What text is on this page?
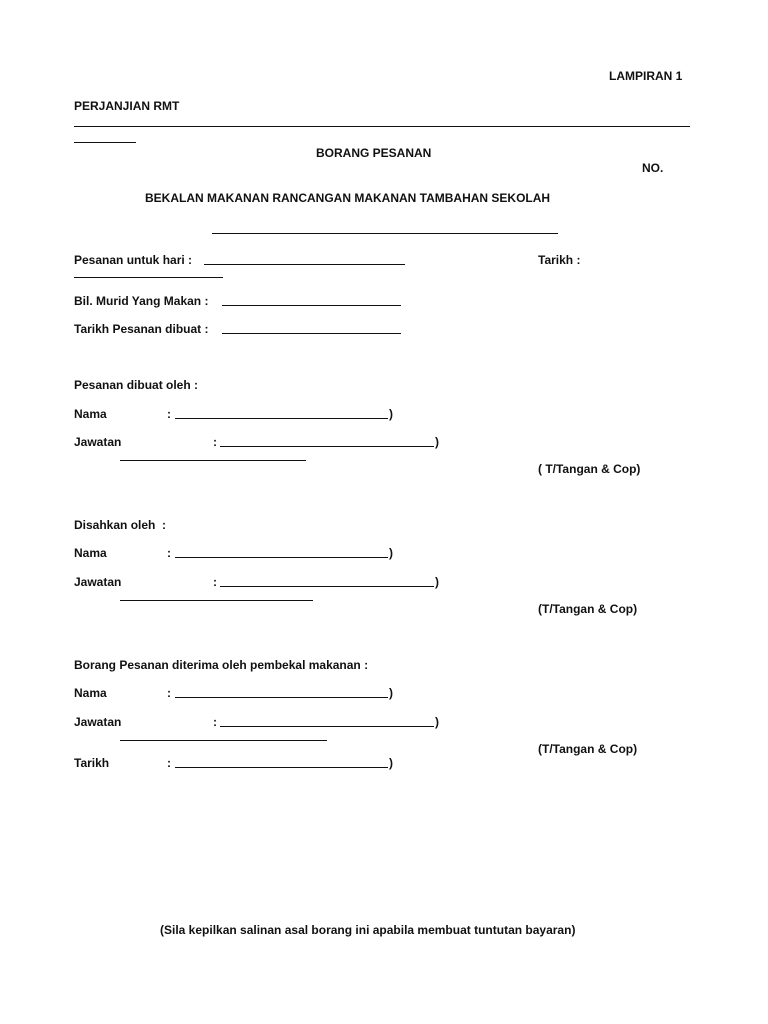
LAMPIRAN 1
PERJANJIAN RMT
BORANG PESANAN
NO.
BEKALAN MAKANAN RANCANGAN MAKANAN TAMBAHAN SEKOLAH
Pesanan untuk hari :	Tarikh :
Bil. Murid Yang Makan :
Tarikh Pesanan dibuat :
Pesanan dibuat oleh :
Nama	:	)
Jawatan	:	)
( T/Tangan & Cop)
Disahkan oleh  :
Nama	:	)
Jawatan	:	)
(T/Tangan & Cop)
Borang Pesanan diterima oleh pembekal makanan :
Nama	:	)
Jawatan	:	)
(T/Tangan & Cop)
Tarikh	:	)
(Sila kepilkan salinan asal borang ini apabila membuat tuntutan bayaran)
